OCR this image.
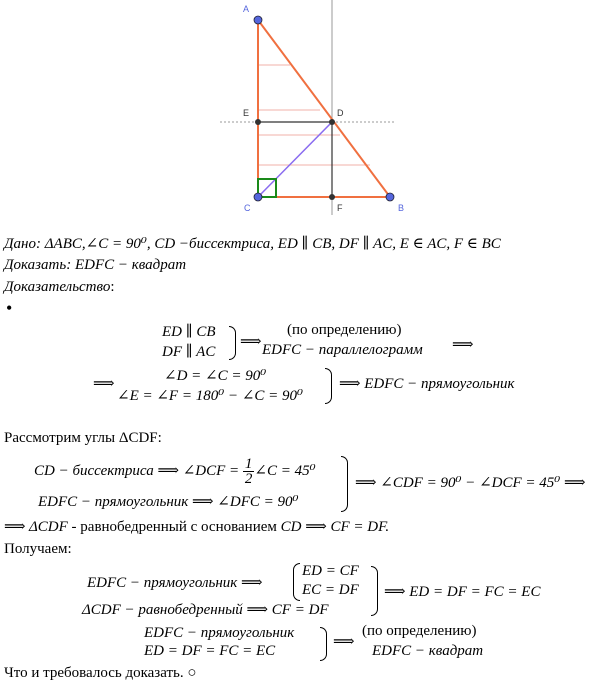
A
B
C
D
E
F
Дано: ΔABC,∠C = 90⁰, CD −биссектриса, ED ∥ CB, DF ∥ AC, E ∈ AC, F ∈ BC
Доказать: EDFC − квадрат
Доказательство:
•
ED ∥ CB
DF ∥ AC
⟹
(по определению)
EDFC − параллелограмм ⟹
⟹	∠D = ∠C = 90⁰
∠E = ∠F = 180⁰ − ∠C = 90⁰
⟹ EDFC − прямоугольник
Рассмотрим углы ΔCDF:
CD − биссектриса ⟹ ∠DCF = $\frac{1}{2}$ ∠C = 45⁰
EDFC − прямоугольник ⟹ ∠DFC = 90⁰
⟹ ∠CDF = 90⁰ − ∠DCF = 45⁰ ⟹
⟹ ΔCDF - равнобедренный с основанием CD ⟹ CF = DF.
Получаем:
EDFC − прямоугольник ⟹
ED = CF
EC = DF
ΔCDF − равнобедренный ⟹ CF = DF
⟹ ED = DF = FC = EC
EDFC − прямоугольник
ED = DF = FC = EC
⟹
(по определению)
EDFC − квадрат
Что и требовалось доказать. ○
